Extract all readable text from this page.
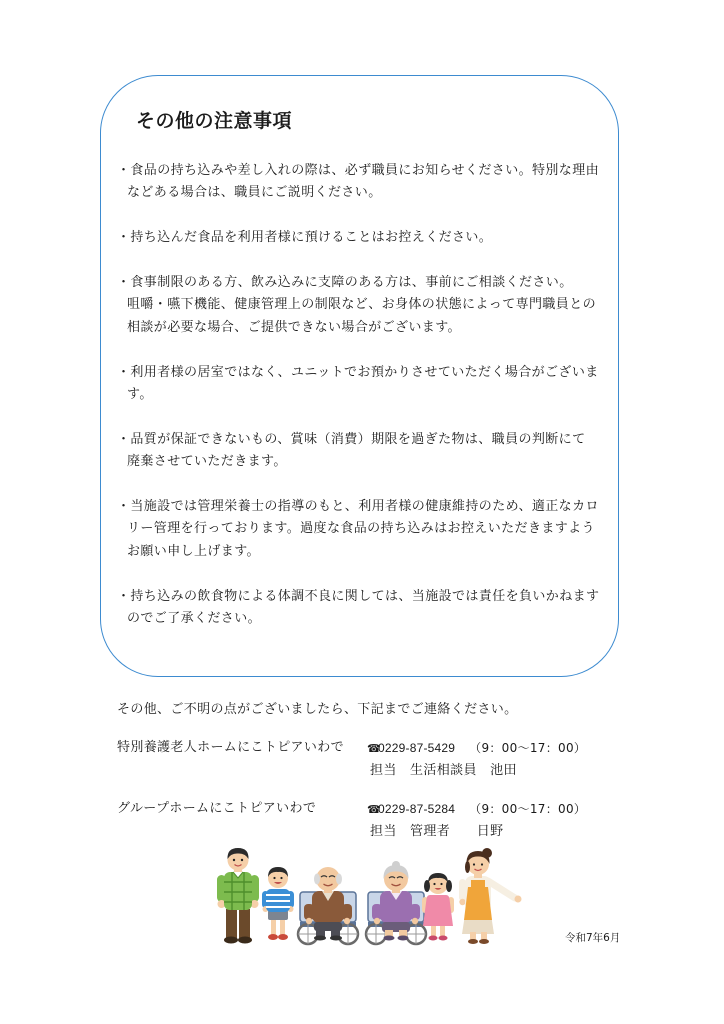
その他の注意事項
・食品の持ち込みや差し入れの際は、必ず職員にお知らせください。特別な理由
などある場合は、職員にご説明ください。
・持ち込んだ食品を利用者様に預けることはお控えください。
・食事制限のある方、飲み込みに支障のある方は、事前にご相談ください。
咀嚼・嚥下機能、健康管理上の制限など、お身体の状態によって専門職員との
相談が必要な場合、ご提供できない場合がございます。
・利用者様の居室ではなく、ユニットでお預かりさせていただく場合がございま
す。
・品質が保証できないもの、賞味（消費）期限を過ぎた物は、職員の判断にて
廃棄させていただきます。
・当施設では管理栄養士の指導のもと、利用者様の健康維持のため、適正なカロ
リー管理を行っております。過度な食品の持ち込みはお控えいただきますよう
お願い申し上げます。
・持ち込みの飲食物による体調不良に関しては、当施設では責任を負いかねます
のでご了承ください。
その他、ご不明の点がございましたら、下記までご連絡ください。
特別養護老人ホームにこトピアいわで ☎	0229-87-5429 （9：00～17：00）
担当　生活相談員　池田
グループホームにこトピアいわで ☎	0229-87-5284 （9：00～17：00）
担当　管理者　　日野
令和7年6月
